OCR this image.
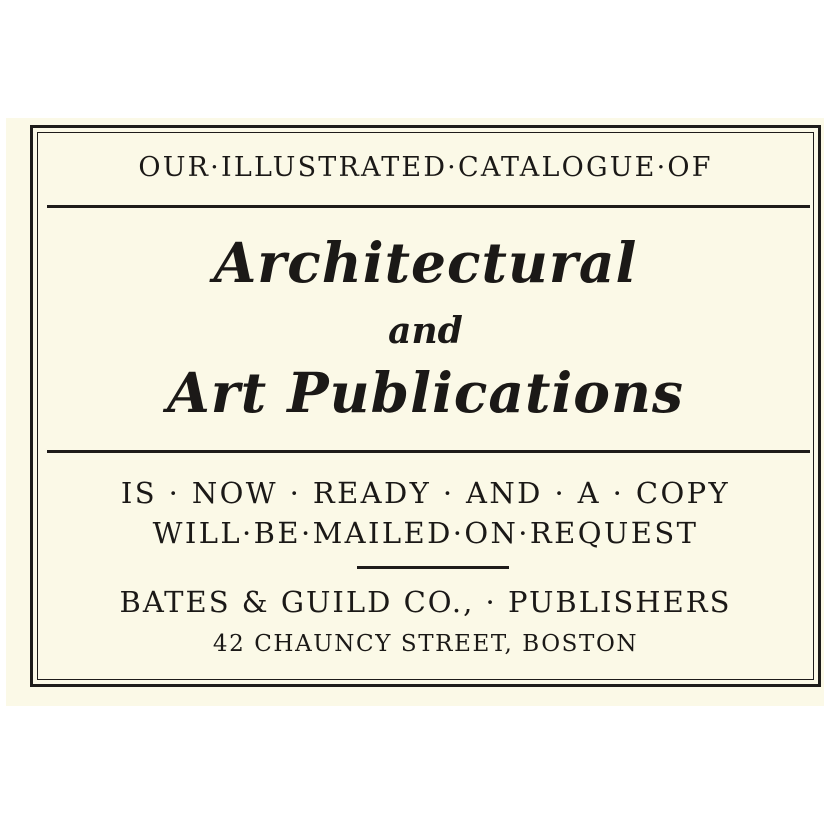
OUR·ILLUSTRATED·CATALOGUE·OF
Architectural
and
Art Publications
IS · NOW · READY · AND · A · COPY
WILL·BE·MAILED·ON·REQUEST
BATES & GUILD CO., · PUBLISHERS
42 CHAUNCY STREET, BOSTON
